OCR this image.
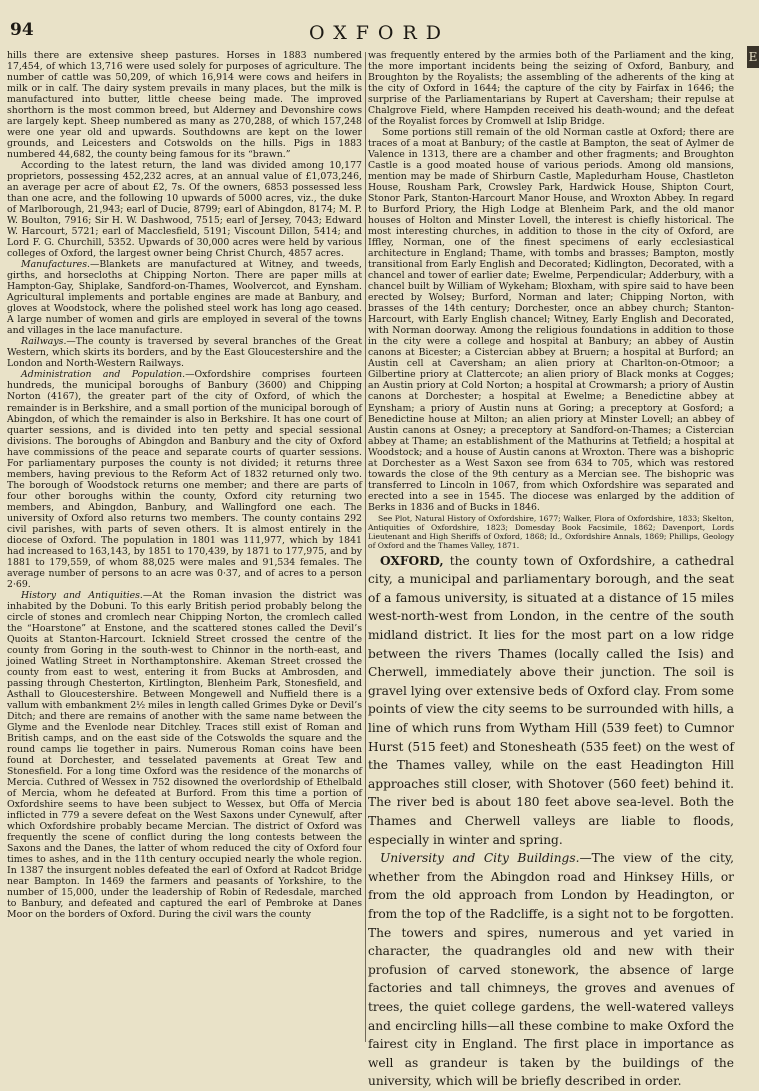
94	OXFORD

hills there are extensive sheep pastures. Horses in 1883 numbered 17,454, of which 13,716 were used solely for purposes of agriculture. The number of cattle was 50,209, of which 16,914 were cows and heifers in milk or in calf. The dairy system prevails in many places, but the milk is manufactured into butter, little cheese being made. The improved shorthorn is the most common breed, but Alderney and Devonshire cows are largely kept. Sheep numbered as many as 270,288, of which 157,248 were one year old and upwards. Southdowns are kept on the lower grounds, and Leicesters and Cotswolds on the hills. Pigs in 1883 numbered 44,682, the county being famous for its “brawn.”

According to the latest return, the land was divided among 10,177 proprietors, possessing 452,232 acres, at an annual value of £1,073,246, an average per acre of about £2, 7s. Of the owners, 6853 possessed less than one acre, and the following 10 upwards of 5000 acres, viz., the duke of Marlborough, 21,943; earl of Ducie, 8799; earl of Abingdon, 8174; M. P. W. Boulton, 7916; Sir H. W. Dashwood, 7515; earl of Jersey, 7043; Edward W. Harcourt, 5721; earl of Macclesfield, 5191; Viscount Dillon, 5414; and Lord F. G. Churchill, 5352. Upwards of 30,000 acres were held by various colleges of Oxford, the largest owner being Christ Church, 4857 acres.

Manufactures.—Blankets are manufactured at Witney, and tweeds, girths, and horsecloths at Chipping Norton. There are paper mills at Hampton-Gay, Shiplake, Sandford-on-Thames, Woolvercot, and Eynsham. Agricultural implements and portable engines are made at Banbury, and gloves at Woodstock, where the polished steel work has long ago ceased. A large number of women and girls are employed in several of the towns and villages in the lace manufacture.

Railways.—The county is traversed by several branches of the Great Western, which skirts its borders, and by the East Gloucestershire and the London and North-Western Railways.

Administration and Population.—Oxfordshire comprises fourteen hundreds, the municipal boroughs of Banbury (3600) and Chipping Norton (4167), the greater part of the city of Oxford, of which the remainder is in Berkshire, and a small portion of the municipal borough of Abingdon, of which the remainder is also in Berkshire. It has one court of quarter sessions, and is divided into ten petty and special sessional divisions. The boroughs of Abingdon and Banbury and the city of Oxford have commissions of the peace and separate courts of quarter sessions. For parliamentary purposes the county is not divided; it returns three members, having previous to the Reform Act of 1832 returned only two. The borough of Woodstock returns one member; and there are parts of four other boroughs within the county, Oxford city returning two members, and Abingdon, Banbury, and Wallingford one each. The university of Oxford also returns two members. The county contains 292 civil parishes, with parts of seven others. It is almost entirely in the diocese of Oxford. The population in 1801 was 111,977, which by 1841 had increased to 163,143, by 1851 to 170,439, by 1871 to 177,975, and by 1881 to 179,559, of whom 88,025 were males and 91,534 females. The average number of persons to an acre was 0·37, and of acres to a person 2·69.

History and Antiquities.—At the Roman invasion the district was inhabited by the Dobuni. To this early British period probably belong the circle of stones and cromlech near Chipping Norton, the cromlech called the “Hoarstone” at Enstone, and the scattered stones called the Devil’s Quoits at Stanton-Harcourt. Icknield Street crossed the centre of the county from Goring in the south-west to Chinnor in the north-east, and joined Watling Street in Northamptonshire. Akeman Street crossed the county from east to west, entering it from Bucks at Ambrosden, and passing through Chesterton, Kirtlington, Blenheim Park, Stonesfield, and Asthall to Gloucestershire. Between Mongewell and Nuffield there is a vallum with embankment 2½ miles in length called Grimes Dyke or Devil’s Ditch; and there are remains of another with the same name between the Glyme and the Evenlode near Ditchley. Traces still exist of Roman and British camps, and on the east side of the Cotswolds the square and the round camps lie together in pairs. Numerous Roman coins have been found at Dorchester, and tesselated pavements at Great Tew and Stonesfield. For a long time Oxford was the residence of the monarchs of Mercia. Cuthred of Wessex in 752 disowned the overlordship of Ethelbald of Mercia, whom he defeated at Burford. From this time a portion of Oxfordshire seems to have been subject to Wessex, but Offa of Mercia inflicted in 779 a severe defeat on the West Saxons under Cynewulf, after which Oxfordshire probably became Mercian. The district of Oxford was frequently the scene of conflict during the long contests between the Saxons and the Danes, the latter of whom reduced the city of Oxford four times to ashes, and in the 11th century occupied nearly the whole region. In 1387 the insurgent nobles defeated the earl of Oxford at Radcot Bridge near Bampton. In 1469 the farmers and peasants of Yorkshire, to the number of 15,000, under the leadership of Robin of Redesdale, marched to Banbury, and defeated and captured the earl of Pembroke at Danes Moor on the borders of Oxford. During the civil wars the county

was frequently entered by the armies both of the Parliament and the king, the more important incidents being the seizing of Oxford, Banbury, and Broughton by the Royalists; the assembling of the adherents of the king at the city of Oxford in 1644; the capture of the city by Fairfax in 1646; the surprise of the Parliamentarians by Rupert at Caversham; their repulse at Chalgrove Field, where Hampden received his death-wound; and the defeat of the Royalist forces by Cromwell at Islip Bridge.

Some portions still remain of the old Norman castle at Oxford; there are traces of a moat at Banbury; of the castle at Bampton, the seat of Aylmer de Valence in 1313, there are a chamber and other fragments; and Broughton Castle is a good moated house of various periods. Among old mansions, mention may be made of Shirburn Castle, Mapledurham House, Chastleton House, Rousham Park, Crowsley Park, Hardwick House, Shipton Court, Stonor Park, Stanton-Harcourt Manor House, and Wroxton Abbey. In regard to Burford Priory, the High Lodge at Blenheim Park, and the old manor houses of Holton and Minster Lovell, the interest is chiefly historical. The most interesting churches, in addition to those in the city of Oxford, are Iffley, Norman, one of the finest specimens of early ecclesiastical architecture in England; Thame, with tombs and brasses; Bampton, mostly transitional from Early English and Decorated; Kidlington, Decorated, with a chancel and tower of earlier date; Ewelme, Perpendicular; Adderbury, with a chancel built by William of Wykeham; Bloxham, with spire said to have been erected by Wolsey; Burford, Norman and later; Chipping Norton, with brasses of the 14th century; Dorchester, once an abbey church; Stanton-Harcourt, with Early English chancel; Witney, Early English and Decorated, with Norman doorway. Among the religious foundations in addition to those in the city were a college and hospital at Banbury; an abbey of Austin canons at Bicester; a Cistercian abbey at Bruern; a hospital at Burford; an Austin cell at Caversham; an alien priory at Charlton-on-Otmoor; a Gilbertine priory at Clattercote; an alien priory of Black monks at Cogges; an Austin priory at Cold Norton; a hospital at Crowmarsh; a priory of Austin canons at Dorchester; a hospital at Ewelme; a Benedictine abbey at Eynsham; a priory of Austin nuns at Goring; a preceptory at Gosford; a Benedictine house at Milton; an alien priory at Minster Lovell; an abbey of Austin canons at Osney; a preceptory at Sandford-on-Thames; a Cistercian abbey at Thame; an establishment of the Mathurins at Tetfield; a hospital at Woodstock; and a house of Austin canons at Wroxton. There was a bishopric at Dorchester as a West Saxon see from 634 to 705, which was restored towards the close of the 9th century as a Mercian see. The bishopric was transferred to Lincoln in 1067, from which Oxfordshire was separated and erected into a see in 1545. The diocese was enlarged by the addition of Berks in 1836 and of Bucks in 1846.

See Plot, Natural History of Oxfordshire, 1677; Walker, Flora of Oxfordshire, 1833; Skelton, Antiquities of Oxfordshire, 1823; Domesday Book Facsimile, 1862; Davenport, Lords Lieutenant and High Sheriffs of Oxford, 1868; Id., Oxfordshire Annals, 1869; Phillips, Geology of Oxford and the Thames Valley, 1871.

OXFORD, the county town of Oxfordshire, a cathedral city, a municipal and parliamentary borough, and the seat of a famous university, is situated at a distance of 15 miles west-north-west from London, in the centre of the south midland district. It lies for the most part on a low ridge between the rivers Thames (locally called the Isis) and Cherwell, immediately above their junction. The soil is gravel lying over extensive beds of Oxford clay. From some points of view the city seems to be surrounded with hills, a line of which runs from Wytham Hill (539 feet) to Cumnor Hurst (515 feet) and Stonesheath (535 feet) on the west of the Thames valley, while on the east Headington Hill approaches still closer, with Shotover (560 feet) behind it. The river bed is about 180 feet above sea-level. Both the Thames and Cherwell valleys are liable to floods, especially in winter and spring.

University and City Buildings.—The view of the city, whether from the Abingdon road and Hinksey Hills, or from the old approach from London by Headington, or from the top of the Radcliffe, is a sight not to be forgotten. The towers and spires, numerous and yet varied in character, the quadrangles old and new with their profusion of carved stonework, the absence of large factories and tall chimneys, the groves and avenues of trees, the quiet college gardens, the well-watered valleys and encircling hills—all these combine to make Oxford the fairest city in England. The first place in importance as well as grandeur is taken by the buildings of the university, which will be briefly described in order.

E
